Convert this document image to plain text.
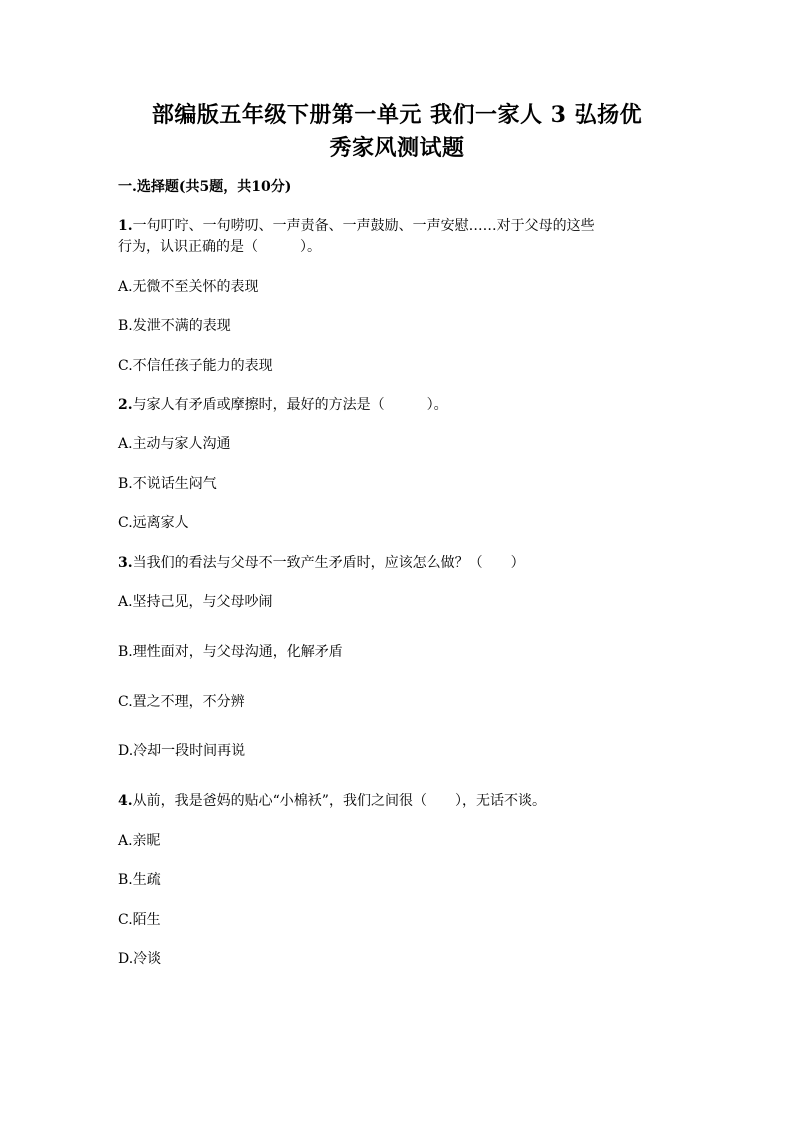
部编版五年级下册第一单元 我们一家人 3 弘扬优
秀家风测试题
一.选择题(共5题，共10分)
1.一句叮咛、一句唠叨、一声责备、一声鼓励、一声安慰……对于父母的这些
行为，认识正确的是（　　　）。
A.无微不至关怀的表现
B.发泄不满的表现
C.不信任孩子能力的表现
2.与家人有矛盾或摩擦时，最好的方法是（　　　）。
A.主动与家人沟通
B.不说话生闷气
C.远离家人
3.当我们的看法与父母不一致产生矛盾时，应该怎么做？（　　）
A.坚持己见，与父母吵闹
B.理性面对，与父母沟通，化解矛盾
C.置之不理，不分辨
D.冷却一段时间再说
4.从前，我是爸妈的贴心“小棉袄”，我们之间很（　　），无话不谈。
A.亲昵
B.生疏
C.陌生
D.冷谈
